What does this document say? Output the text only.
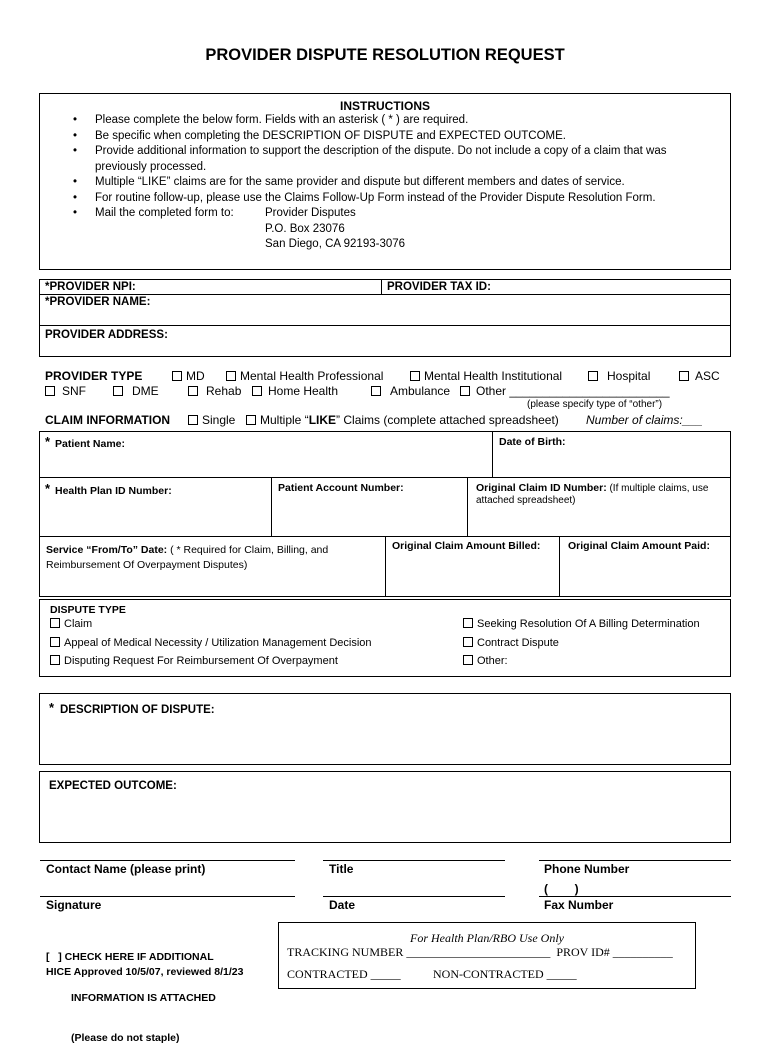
PROVIDER DISPUTE RESOLUTION REQUEST
INSTRUCTIONS
• Please complete the below form. Fields with an asterisk ( * ) are required.
• Be specific when completing the DESCRIPTION OF DISPUTE and EXPECTED OUTCOME.
• Provide additional information to support the description of the dispute. Do not include a copy of a claim that was previously processed.
• Multiple “LIKE” claims are for the same provider and dispute but different members and dates of service.
• For routine follow-up, please use the Claims Follow-Up Form instead of the Provider Dispute Resolution Form.
• Mail the completed form to:	Provider Disputes
P.O. Box 23076
San Diego, CA 92193-3076
*PROVIDER NPI:	PROVIDER TAX ID:
*PROVIDER NAME:
PROVIDER ADDRESS:
PROVIDER TYPE	MD	Mental Health Professional	Mental Health Institutional	Hospital	ASC
SNF	DME	Rehab	Home Health	Ambulance	Other ________________________
(please specify type of “other”)
CLAIM INFORMATION	Single	Multiple “LIKE” Claims (complete attached spreadsheet) Number of claims:___
* Patient Name:	Date of Birth:
* Health Plan ID Number:	Patient Account Number:	Original Claim ID Number: (If multiple claims, use
attached spreadsheet)
Service “From/To” Date: ( * Required for Claim, Billing, and
Reimbursement Of Overpayment Disputes)
Original Claim Amount Billed:	Original Claim Amount Paid:
DISPUTE TYPE
Claim
Appeal of Medical Necessity / Utilization Management Decision
Disputing Request For Reimbursement Of Overpayment
Seeking Resolution Of A Billing Determination
Contract Dispute
Other:
* DESCRIPTION OF DISPUTE:
EXPECTED OUTCOME:
Contact Name (please print)	Title	Phone Number
(        )
Signature	Date	Fax Number

[   ] CHECK HERE IF ADDITIONAL

INFORMATION IS ATTACHED

(Please do not staple)

HICE Approved 10/5/07, reviewed 8/1/23
For Health Plan/RBO Use Only
TRACKING NUMBER ________________________  PROV ID# __________
CONTRACTED _____	NON-CONTRACTED _____
